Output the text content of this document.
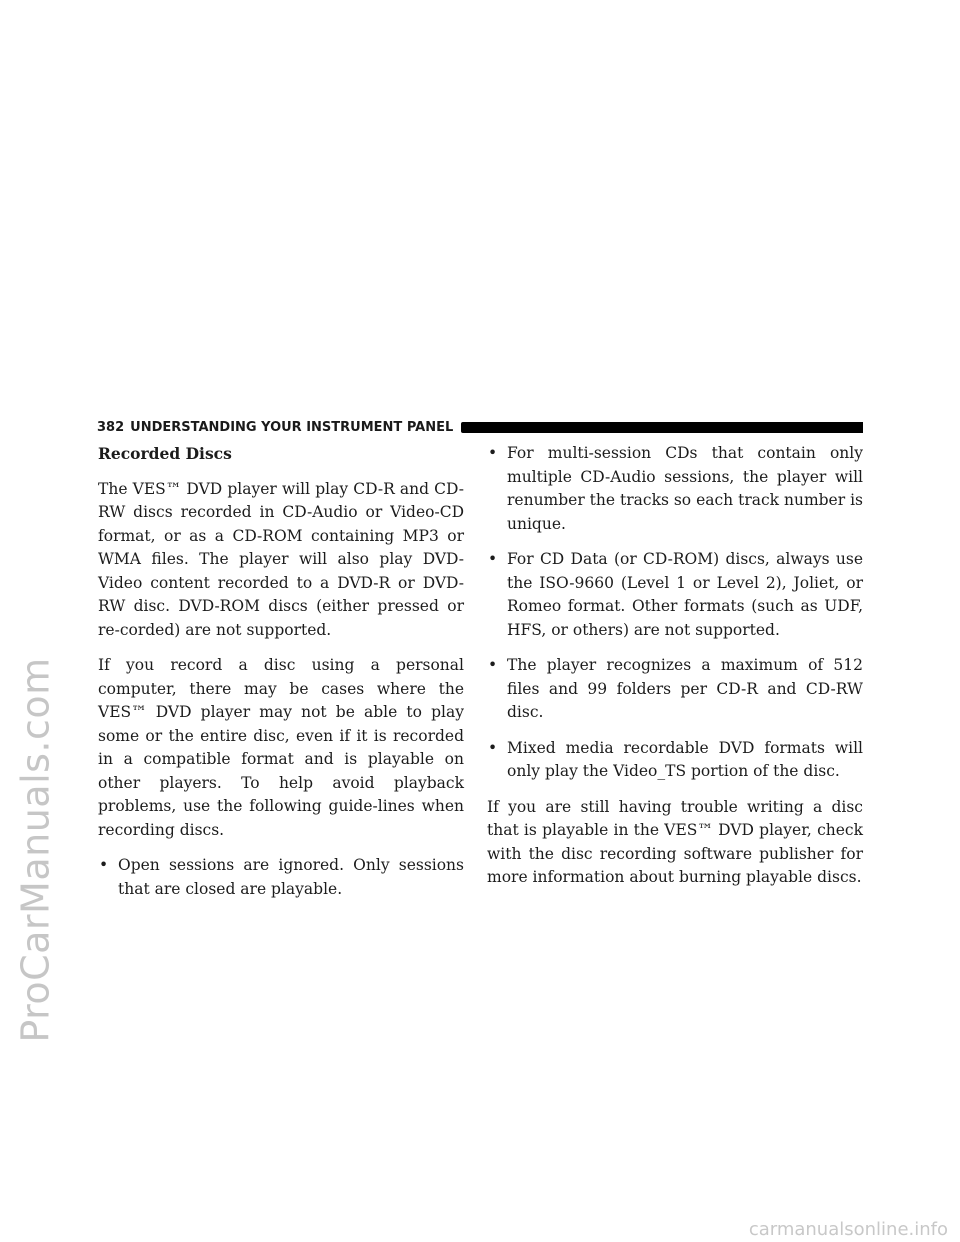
ProCarManuals.com
382 UNDERSTANDING YOUR INSTRUMENT PANEL
Recorded Discs

The VES™ DVD player will play CD-R and CD-RW discs recorded in CD-Audio or Video-CD format, or as a CD-ROM containing MP3 or WMA files. The player will also play DVD-Video content recorded to a DVD-R or DVD-RW disc. DVD-ROM discs (either pressed or re-corded) are not supported.

If you record a disc using a personal computer, there may be cases where the VES™ DVD player may not be able to play some or the entire disc, even if it is recorded in a compatible format and is playable on other players. To help avoid playback problems, use the following guide-lines when recording discs.

• Open sessions are ignored. Only sessions that are closed are playable.
• For multi-session CDs that contain only multiple CD-Audio sessions, the player will renumber the tracks so each track number is unique.
• For CD Data (or CD-ROM) discs, always use the ISO-9660 (Level 1 or Level 2), Joliet, or Romeo format. Other formats (such as UDF, HFS, or others) are not supported.
• The player recognizes a maximum of 512 files and 99 folders per CD-R and CD-RW disc.
• Mixed media recordable DVD formats will only play the Video_TS portion of the disc.

If you are still having trouble writing a disc that is playable in the VES™ DVD player, check with the disc recording software publisher for more information about burning playable discs.

carmanualsonline.info
